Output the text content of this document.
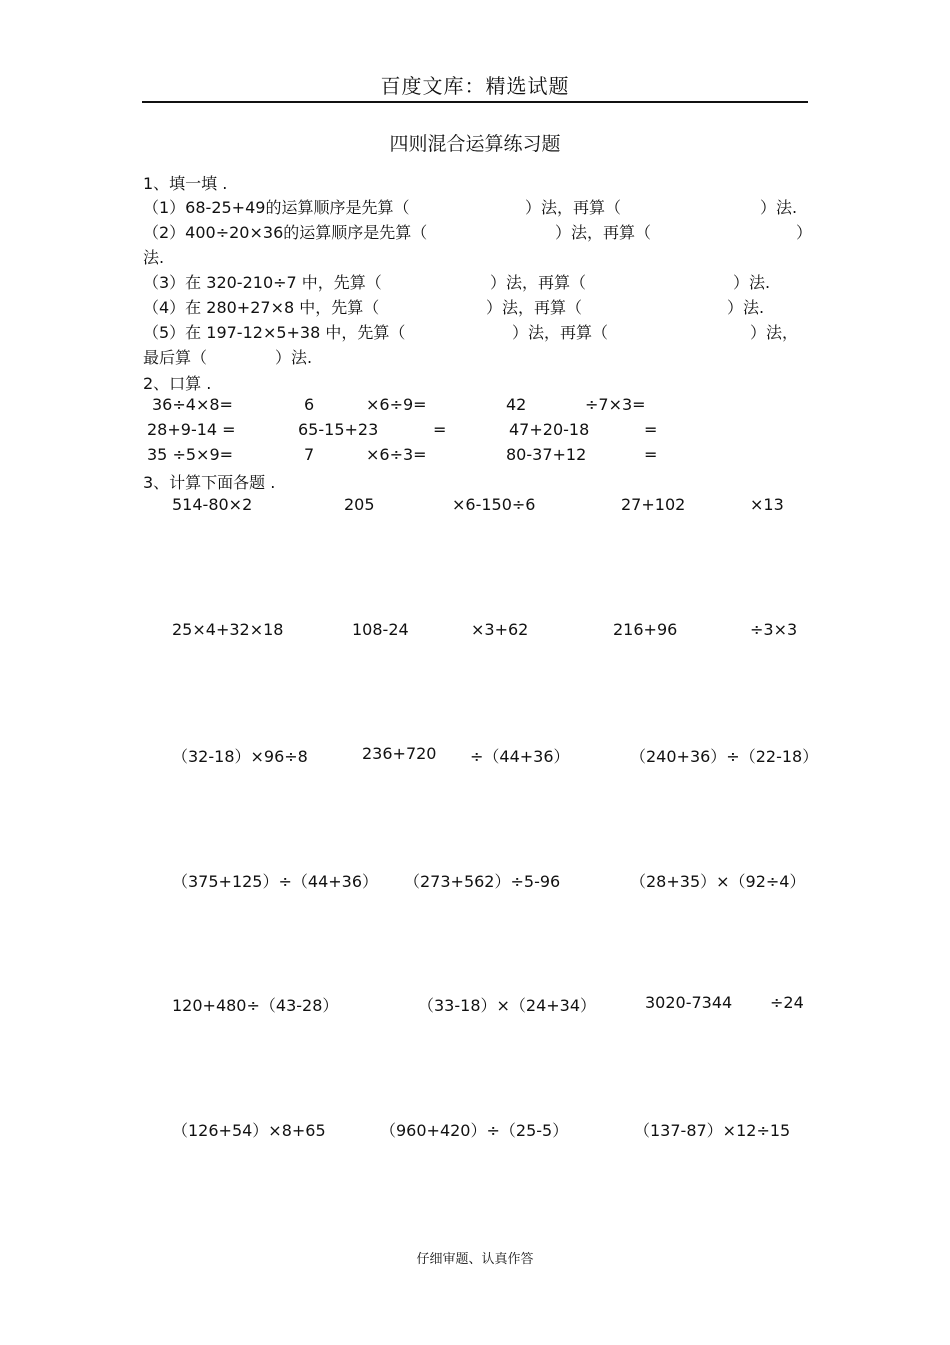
百度文库：精选试题
四则混合运算练习题
1、填一填 .
（1）68-25+49的运算顺序是先算（	）法，再算（	）法.
（2）400÷20×36的运算顺序是先算（	）法，再算（	）
法.
（3）在 320-210÷7 中，先算（	）法，再算（	）法.
（4）在 280+27×8 中，先算（	）法，再算（	）法.
（5）在 197-12×5+38 中，先算（	）法，再算（	）法，
最后算（	）法.
2、口算 .
36÷4×8=	6	×6÷9=	42	÷7×3=
28+9-14 =	65-15+23	=	47+20-18	=
35 ÷5×9=	7	×6÷3=	80-37+12	=
3、计算下面各题 .
514-80×2	205	×6-150÷6	27+102	×13
25×4+32×18	108-24	×3+62	216+96	÷3×3
（32-18）×96÷8	236+720 ÷（44+36）	（240+36）÷（22-18）
（375+125）÷（44+36） （273+562）÷5-96	（28+35）×（92÷4）
120+480÷（43-28）	（33-18）×（24+34）	3020-7344 ÷24
（126+54）×8+65	（960+420）÷（25-5）	（137-87）×12÷15
仔细审题、认真作答
